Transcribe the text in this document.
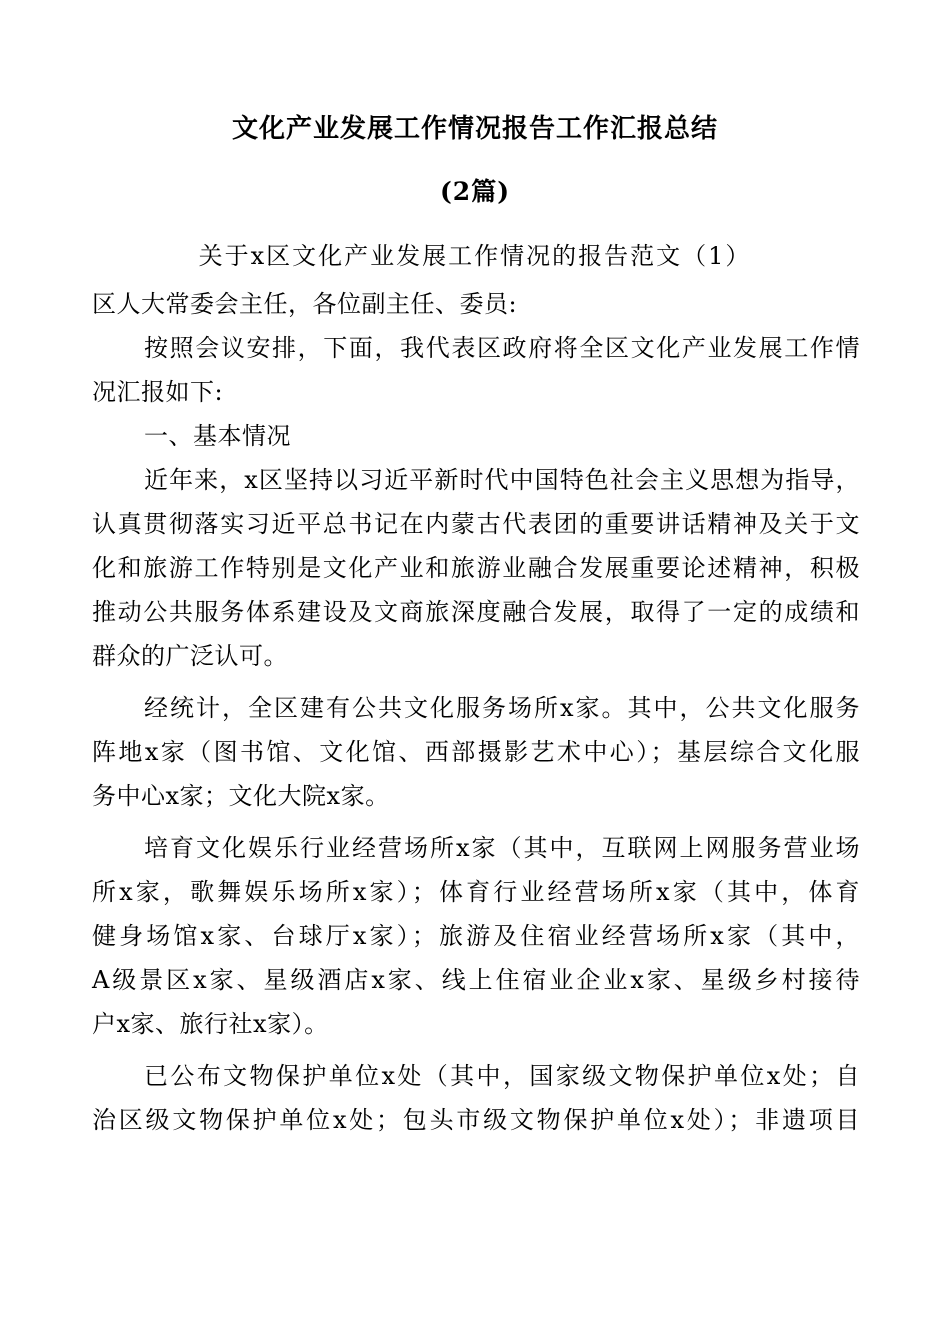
文化产业发展工作情况报告工作汇报总结
(2篇)
关于x区文化产业发展工作情况的报告范文（1）
区人大常委会主任，各位副主任、委员:
按照会议安排，下面，我代表区政府将全区文化产业发展工作情
况汇报如下:
一、基本情况
近年来，x区坚持以习近平新时代中国特色社会主义思想为指导，
认真贯彻落实习近平总书记在内蒙古代表团的重要讲话精神及关于文
化和旅游工作特别是文化产业和旅游业融合发展重要论述精神，积极
推动公共服务体系建设及文商旅深度融合发展，取得了一定的成绩和
群众的广泛认可。
经统计，全区建有公共文化服务场所x家。其中，公共文化服务
阵地x家（图书馆、文化馆、西部摄影艺术中心）；基层综合文化服
务中心x家；文化大院x家。
培育文化娱乐行业经营场所x家（其中，互联网上网服务营业场
所x家，歌舞娱乐场所x家）；体育行业经营场所x家（其中，体育
健身场馆x家、台球厅x家）；旅游及住宿业经营场所x家（其中，
A级景区x家、星级酒店x家、线上住宿业企业x家、星级乡村接待
户x家、旅行社x家）。
已公布文物保护单位x处（其中，国家级文物保护单位x处；自
治区级文物保护单位x处；包头市级文物保护单位x处）；非遗项目
